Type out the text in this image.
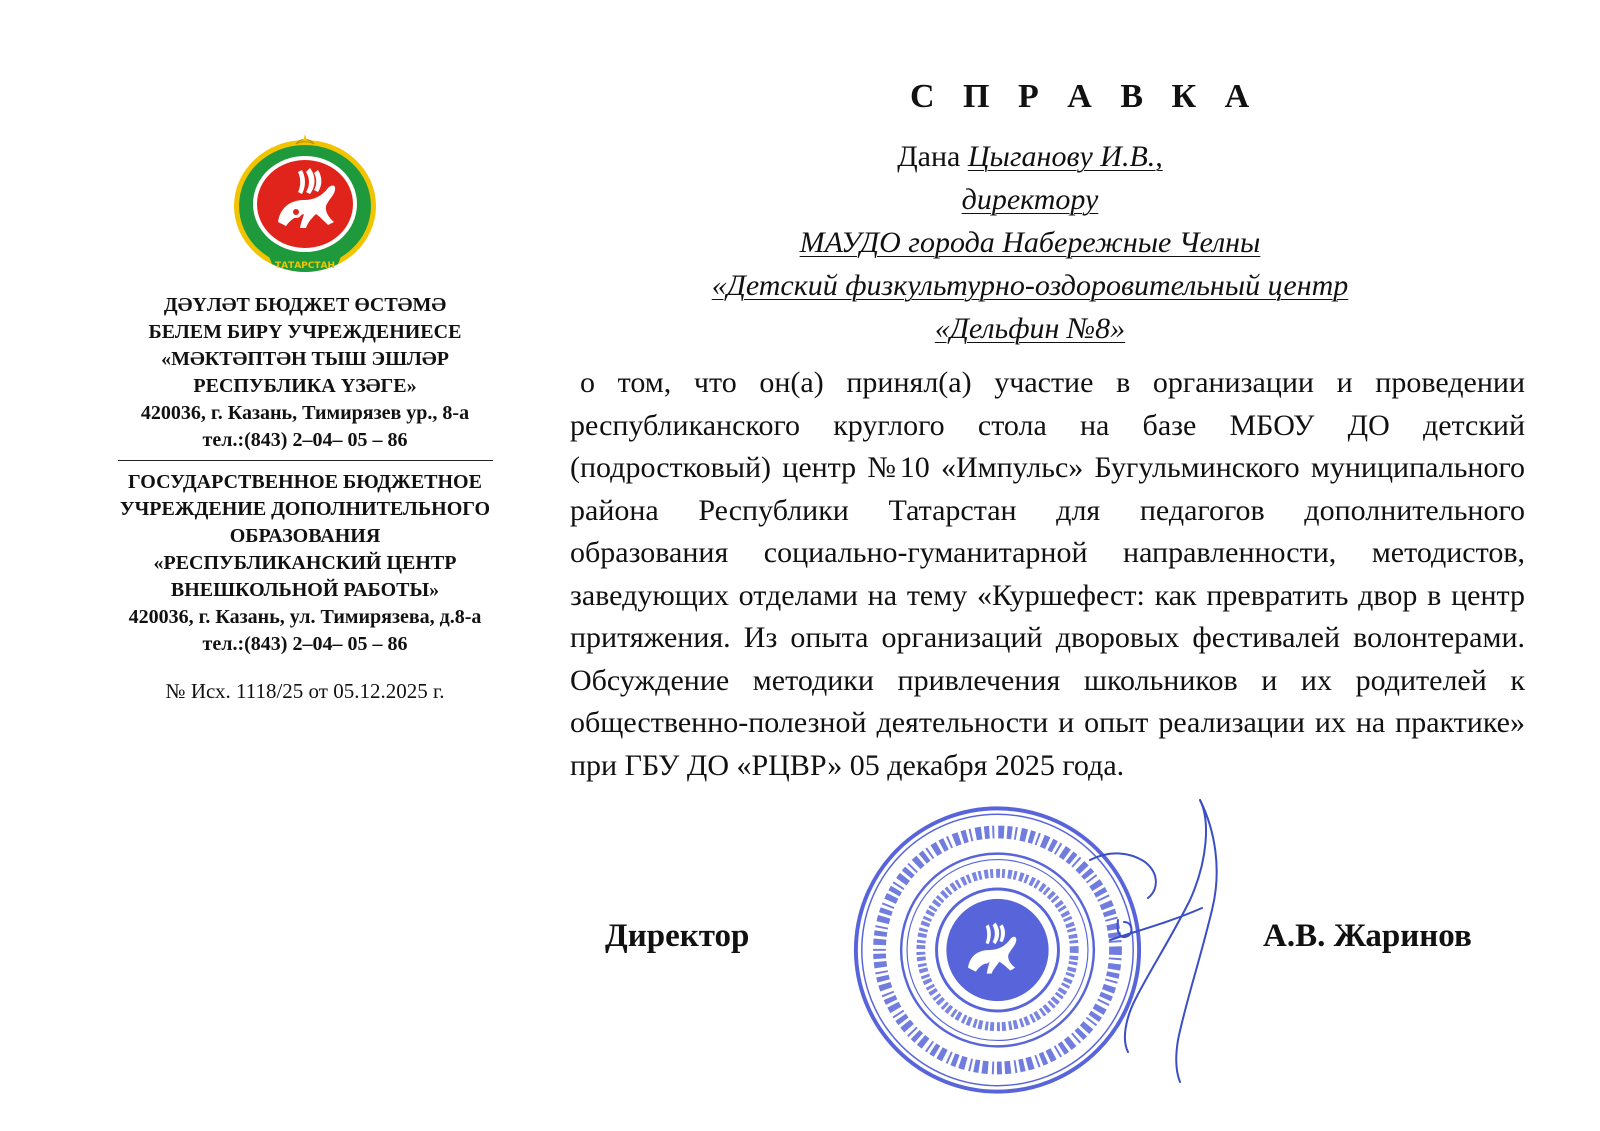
ТАТАРСТАН
ДӘҮЛӘТ БЮДЖЕТ ӨСТӘМӘ
БЕЛЕМ БИРҮ УЧРЕЖДЕНИЕСЕ
«МӘКТӘПТӘН ТЫШ ЭШЛӘР
РЕСПУБЛИКА ҮЗӘГЕ»
420036, г. Казань, Тимирязев ур., 8-а
тел.:(843) 2–04– 05 – 86
ГОСУДАРСТВЕННОЕ БЮДЖЕТНОЕ
УЧРЕЖДЕНИЕ ДОПОЛНИТЕЛЬНОГО
ОБРАЗОВАНИЯ
«РЕСПУБЛИКАНСКИЙ ЦЕНТР
ВНЕШКОЛЬНОЙ РАБОТЫ»
420036, г. Казань, ул. Тимирязева, д.8-а
тел.:(843) 2–04– 05 – 86
№ Исх. 1118/25 от 05.12.2025 г.
С П Р А В К А
Дана Цыганову И.В.,
директору
МАУДО города Набережные Челны
«Детский физкультурно-оздоровительный центр
«Дельфин №8»
о том, что он(а) принял(а) участие в организации и проведении республиканского круглого стола на базе МБОУ ДО детский (подростковый) центр №10 «Импульс» Бугульминского муниципального района Республики Татарстан для педагогов дополнительного образования социально-гуманитарной направленности, методистов, заведующих отделами на тему «Куршефест: как превратить двор в центр притяжения. Из опыта организаций дворовых фестивалей волонтерами. Обсуждение методики привлечения школьников и их родителей к общественно-полезной деятельности и опыт реализации их на практике» при ГБУ ДО «РЦВР» 05 декабря 2025 года.
Директор	А.В. Жаринов
